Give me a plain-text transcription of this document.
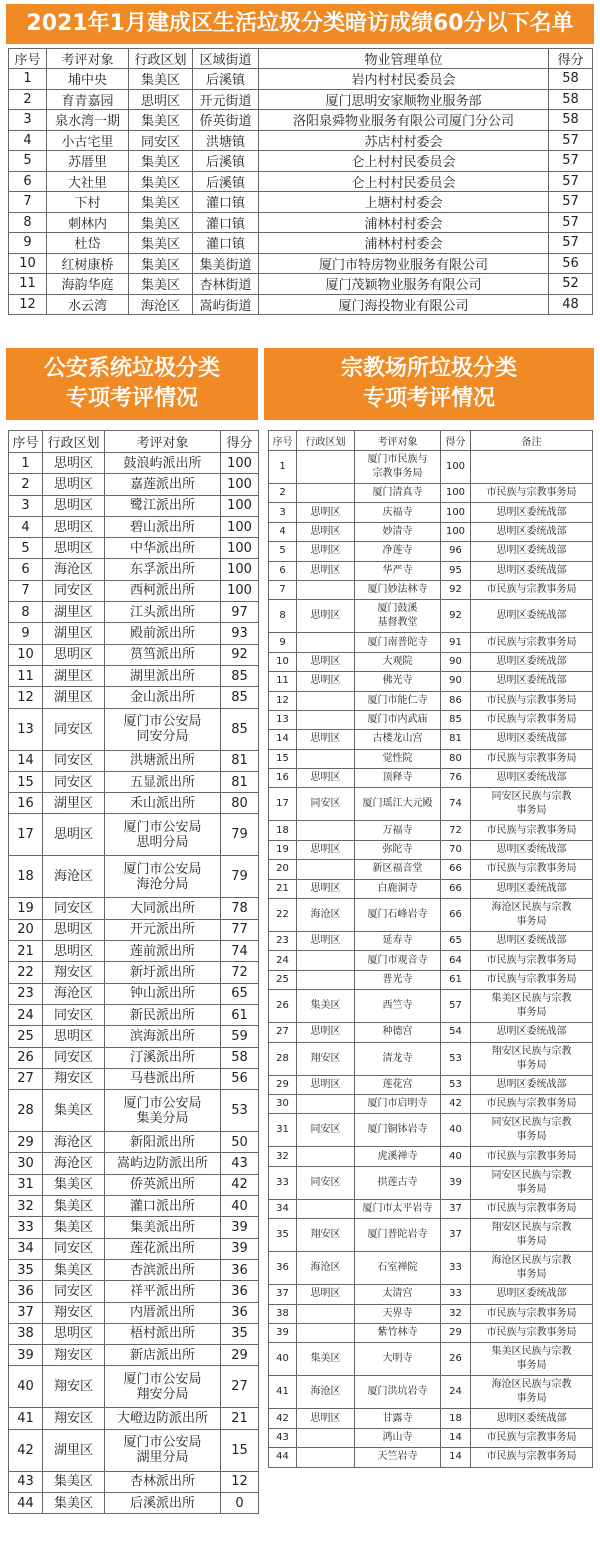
2021年1月建成区生活垃圾分类暗访成绩60分以下名单
序号	考评对象	行政区划	区域街道	物业管理单位	得分
1	埔中央	集美区	后溪镇	岩内村村民委员会	58
2	育青嘉园	思明区	开元街道	厦门思明安家顺物业服务部	58
3	泉水湾一期	集美区	侨英街道	洛阳泉舜物业服务有限公司厦门分公司	58
4	小古宅里	同安区	洪塘镇	苏店村村委会	57
5	苏厝里	集美区	后溪镇	仑上村村民委员会	57
6	大社里	集美区	后溪镇	仑上村村民委员会	57
7	下村	集美区	灌口镇	上塘村村委会	57
8	刺林内	集美区	灌口镇	浦林村村委会	57
9	杜岱	集美区	灌口镇	浦林村村委会	57
10	红树康桥	集美区	集美街道	厦门市特房物业服务有限公司	56
11	海韵华庭	集美区	杏林街道	厦门茂颖物业服务有限公司	52
12	水云湾	海沧区	嵩屿街道	厦门海投物业有限公司	48
公安系统垃圾分类
专项考评情况
宗教场所垃圾分类
专项考评情况
序号	行政区划	考评对象	得分
1	思明区	鼓浪屿派出所	100
2	思明区	嘉莲派出所	100
3	思明区	鹭江派出所	100
4	思明区	碧山派出所	100
5	思明区	中华派出所	100
6	海沧区	东孚派出所	100
7	同安区	西柯派出所	100
8	湖里区	江头派出所	97
9	湖里区	殿前派出所	93
10	思明区	筼筜派出所	92
11	湖里区	湖里派出所	85
12	湖里区	金山派出所	85
13	同安区	厦门市公安局
同安分局	85
14	同安区	洪塘派出所	81
15	同安区	五显派出所	81
16	湖里区	禾山派出所	80
17	思明区	厦门市公安局
思明分局	79
18	海沧区	厦门市公安局
海沧分局	79
19	同安区	大同派出所	78
20	思明区	开元派出所	77
21	思明区	莲前派出所	74
22	翔安区	新圩派出所	72
23	海沧区	钟山派出所	65
24	同安区	新民派出所	61
25	思明区	滨海派出所	59
26	同安区	汀溪派出所	58
27	翔安区	马巷派出所	56
28	集美区	厦门市公安局
集美分局	53
29	海沧区	新阳派出所	50
30	海沧区	嵩屿边防派出所	43
31	集美区	侨英派出所	42
32	集美区	灌口派出所	40
33	集美区	集美派出所	39
34	同安区	莲花派出所	39
35	集美区	杏滨派出所	36
36	同安区	祥平派出所	36
37	翔安区	内厝派出所	36
38	思明区	梧村派出所	35
39	翔安区	新店派出所	29
40	翔安区	厦门市公安局
翔安分局	27
41	翔安区	大嶝边防派出所	21
42	湖里区	厦门市公安局
湖里分局	15
43	集美区	杏林派出所	12
44	集美区	后溪派出所	0
序号	行政区划	考评对象	得分	备注
1		厦门市民族与
宗教事务局	100	
2		厦门清真寺	100	市民族与宗教事务局
3	思明区	庆福寺	100	思明区委统战部
4	思明区	妙清寺	100	思明区委统战部
5	思明区	净莲寺	96	思明区委统战部
6	思明区	华严寺	95	思明区委统战部
7		厦门妙法林寺	92	市民族与宗教事务局
8	思明区	厦门鼓溪
基督教堂	92	思明区委统战部
9		厦门南普陀寺	91	市民族与宗教事务局
10	思明区	大观院	90	思明区委统战部
11	思明区	佛光寺	90	思明区委统战部
12		厦门市能仁寺	86	市民族与宗教事务局
13		厦门市内武庙	85	市民族与宗教事务局
14	思明区	古楼龙山宫	81	思明区委统战部
15		觉性院	80	市民族与宗教事务局
16	思明区	顶释寺	76	思明区委统战部
17	同安区	厦门瑶江大元殿	74	同安区民族与宗教
事务局
18		万福寺	72	市民族与宗教事务局
19	思明区	弥陀寺	70	思明区委统战部
20		新区福音堂	66	市民族与宗教事务局
21	思明区	白鹿洞寺	66	思明区委统战部
22	海沧区	厦门石峰岩寺	66	海沧区民族与宗教
事务局
23	思明区	延寿寺	65	思明区委统战部
24		厦门市观音寺	64	市民族与宗教事务局
25		普光寺	61	市民族与宗教事务局
26	集美区	西竺寺	57	集美区民族与宗教
事务局
27	思明区	种德宫	54	思明区委统战部
28	翔安区	清龙寺	53	翔安区民族与宗教
事务局
29	思明区	莲花宫	53	思明区委统战部
30		厦门市启明寺	42	市民族与宗教事务局
31	同安区	厦门铜钵岩寺	40	同安区民族与宗教
事务局
32		虎溪禅寺	40	市民族与宗教事务局
33	同安区	拱莲古寺	39	同安区民族与宗教
事务局
34		厦门市太平岩寺	37	市民族与宗教事务局
35	翔安区	厦门普陀岩寺	37	翔安区民族与宗教
事务局
36	海沧区	石室禅院	33	海沧区民族与宗教
事务局
37	思明区	太清宫	33	思明区委统战部
38		天界寺	32	市民族与宗教事务局
39		紫竹林寺	29	市民族与宗教事务局
40	集美区	大明寺	26	集美区民族与宗教
事务局
41	海沧区	厦门洪坑岩寺	24	海沧区民族与宗教
事务局
42	思明区	甘露寺	18	思明区委统战部
43		鸿山寺	14	市民族与宗教事务局
44		天竺岩寺	14	市民族与宗教事务局
